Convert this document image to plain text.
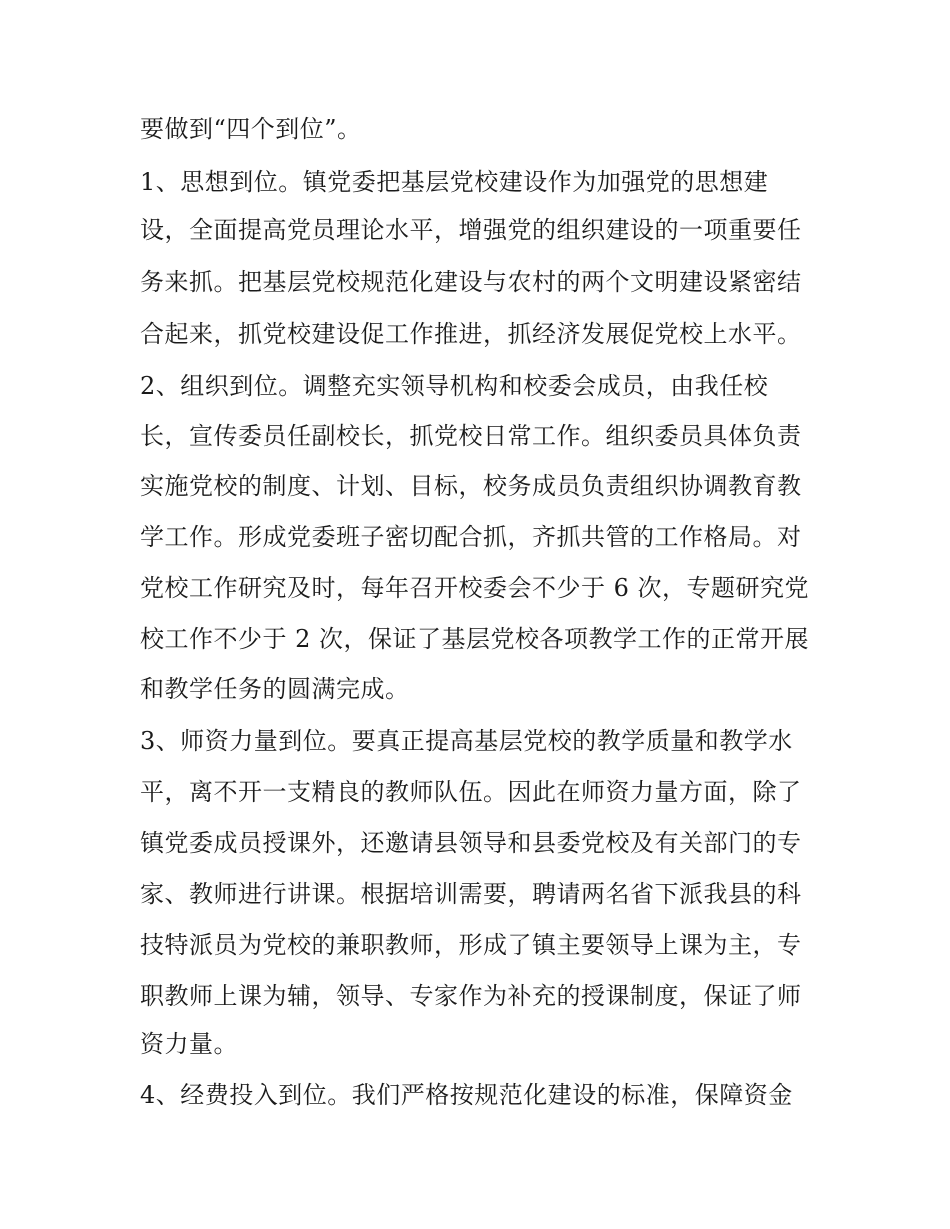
要做到“四个到位”。
1、思想到位。镇党委把基层党校建设作为加强党的思想建
设，全面提高党员理论水平，增强党的组织建设的一项重要任
务来抓。把基层党校规范化建设与农村的两个文明建设紧密结
合起来，抓党校建设促工作推进，抓经济发展促党校上水平。
2、组织到位。调整充实领导机构和校委会成员，由我任校
长，宣传委员任副校长，抓党校日常工作。组织委员具体负责
实施党校的制度、计划、目标，校务成员负责组织协调教育教
学工作。形成党委班子密切配合抓，齐抓共管的工作格局。对
党校工作研究及时，每年召开校委会不少于 6 次，专题研究党
校工作不少于 2 次，保证了基层党校各项教学工作的正常开展
和教学任务的圆满完成。
3、师资力量到位。要真正提高基层党校的教学质量和教学水
平，离不开一支精良的教师队伍。因此在师资力量方面，除了
镇党委成员授课外，还邀请县领导和县委党校及有关部门的专
家、教师进行讲课。根据培训需要，聘请两名省下派我县的科
技特派员为党校的兼职教师，形成了镇主要领导上课为主，专
职教师上课为辅，领导、专家作为补充的授课制度，保证了师
资力量。
4、经费投入到位。我们严格按规范化建设的标准，保障资金
